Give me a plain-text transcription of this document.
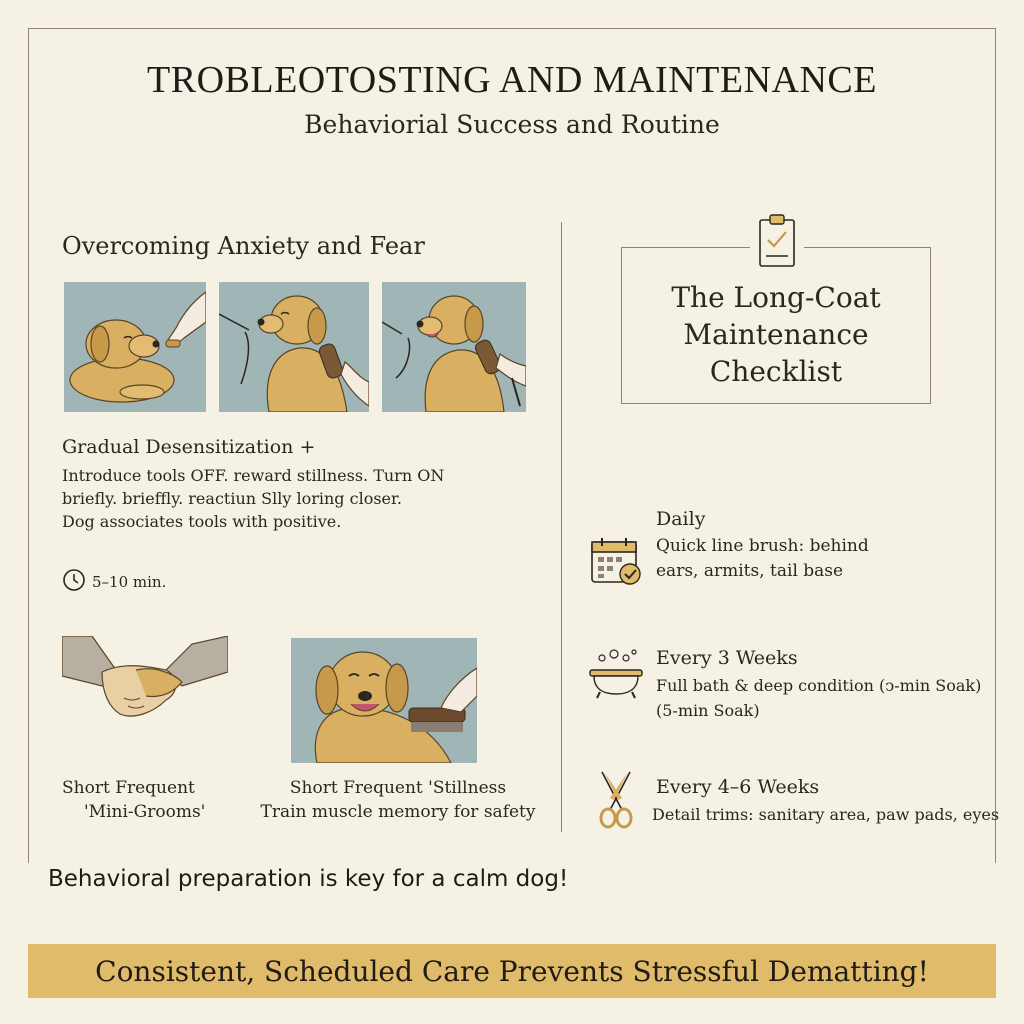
TROBLEOTOSTING AND MAINTENANCE
Behaviorial Success and Routine
Overcoming Anxiety and Fear
Gradual Desensitization +
Introduce tools OFF. reward stillness. Turn ON
briefly. brieffly. reactiun Slly loring closer.
Dog associates tools with positive.
5–10 min.
Short Frequent
'Mini-Grooms'
Short Frequent 'Stillness
Train muscle memory for safety
The Long-Coat Maintenance Checklist
Daily
Quick line brush: behind
ears, armits, tail base
Every 3 Weeks
Full bath & deep condition (ↄ-min Soak)
(5-min Soak)
Every 4–6 Weeks
Detail trims: sanitary area, paw pads, eyes
Behavioral preparation is key for a calm dog!
Consistent, Scheduled Care Prevents Stressful Dematting!
